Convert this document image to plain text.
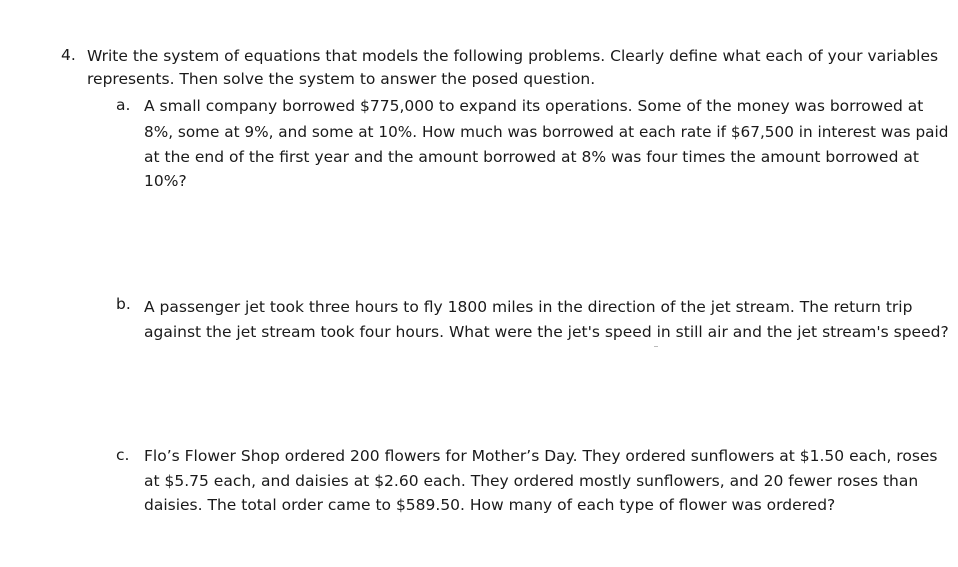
4. Write the system of equations that models the following problems. Clearly define what each of your variables
represents. Then solve the system to answer the posed question.
a. A small company borrowed $775,000 to expand its operations. Some of the money was borrowed at
8%, some at 9%, and some at 10%. How much was borrowed at each rate if $67,500 in interest was paid
at the end of the first year and the amount borrowed at 8% was four times the amount borrowed at
10%?
b. A passenger jet took three hours to fly 1800 miles in the direction of the jet stream. The return trip
against the jet stream took four hours. What were the jet's speed in still air and the jet stream's speed?
c. Flo’s Flower Shop ordered 200 flowers for Mother’s Day. They ordered sunflowers at $1.50 each, roses
at $5.75 each, and daisies at $2.60 each. They ordered mostly sunflowers, and 20 fewer roses than
daisies. The total order came to $589.50. How many of each type of flower was ordered?
